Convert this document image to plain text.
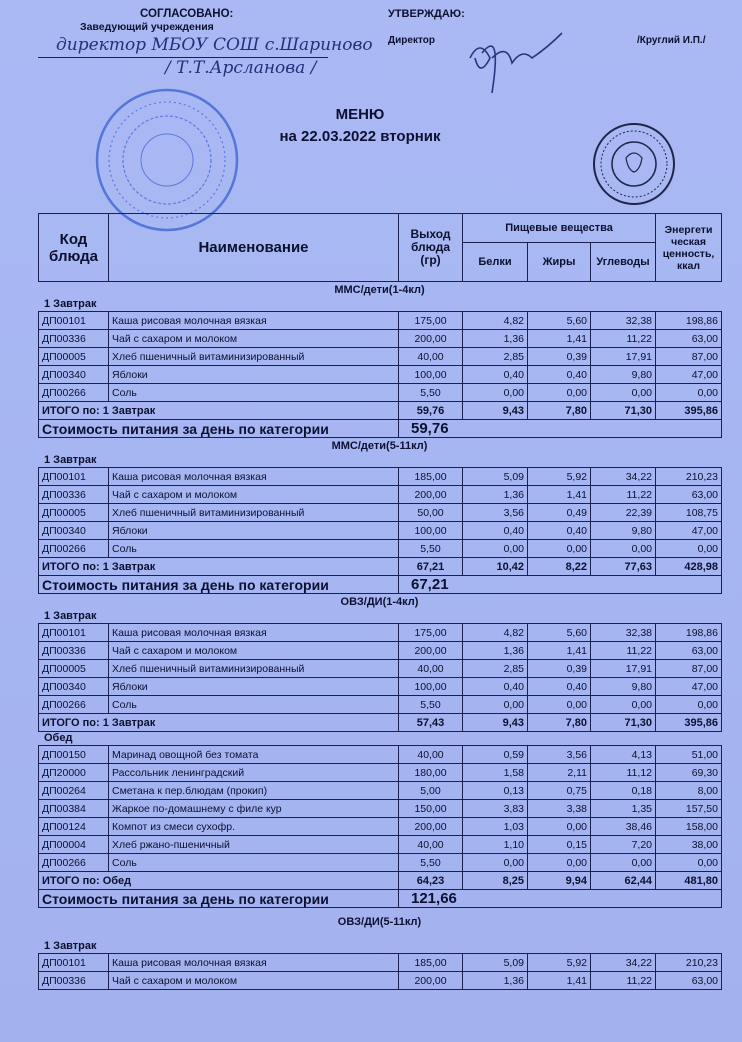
СОГЛАСОВАНО:
Заведующий учреждения
директор МБОУ СОШ с.Шариново
/ Т.Т.Арсланова /
УТВЕРЖДАЮ:
Директор	/Круглий И.П./
МЕНЮ
на 22.03.2022 вторник
Код блюда	Наименование	Выход блюда (гр)	Пищевые вещества			Энергети ческая ценность, ккал
			Белки	Жиры	Углеводы	
ММС/дети(1-4кл)
1 Завтрак
ДП00101	Каша рисовая молочная вязкая	175,00	4,82	5,60	32,38	198,86
ДП00336	Чай с сахаром и молоком	200,00	1,36	1,41	11,22	63,00
ДП00005	Хлеб пшеничный витаминизированный	40,00	2,85	0,39	17,91	87,00
ДП00340	Яблоки	100,00	0,40	0,40	9,80	47,00
ДП00266	Соль	5,50	0,00	0,00	0,00	0,00
ИТОГО по: 1 Завтрак		59,76	9,43	7,80	71,30	395,86
Стоимость питания за день по категории		59,76				
ММС/дети(5-11кл)
1 Завтрак
ДП00101	Каша рисовая молочная вязкая	185,00	5,09	5,92	34,22	210,23
ДП00336	Чай с сахаром и молоком	200,00	1,36	1,41	11,22	63,00
ДП00005	Хлеб пшеничный витаминизированный	50,00	3,56	0,49	22,39	108,75
ДП00340	Яблоки	100,00	0,40	0,40	9,80	47,00
ДП00266	Соль	5,50	0,00	0,00	0,00	0,00
ИТОГО по: 1 Завтрак		67,21	10,42	8,22	77,63	428,98
Стоимость питания за день по категории		67,21				
ОВЗ/ДИ(1-4кл)
1 Завтрак
ДП00101	Каша рисовая молочная вязкая	175,00	4,82	5,60	32,38	198,86
ДП00336	Чай с сахаром и молоком	200,00	1,36	1,41	11,22	63,00
ДП00005	Хлеб пшеничный витаминизированный	40,00	2,85	0,39	17,91	87,00
ДП00340	Яблоки	100,00	0,40	0,40	9,80	47,00
ДП00266	Соль	5,50	0,00	0,00	0,00	0,00
ИТОГО по: 1 Завтрак		57,43	9,43	7,80	71,30	395,86
Обед
ДП00150	Маринад овощной без томата	40,00	0,59	3,56	4,13	51,00
ДП20000	Рассольник ленинградский	180,00	1,58	2,11	11,12	69,30
ДП00264	Сметана к пер.блюдам (прокип)	5,00	0,13	0,75	0,18	8,00
ДП00384	Жаркое по-домашнему с филе кур	150,00	3,83	3,38	1,35	157,50
ДП00124	Компот из смеси сухофр.	200,00	1,03	0,00	38,46	158,00
ДП00004	Хлеб ржано-пшеничный	40,00	1,10	0,15	7,20	38,00
ДП00266	Соль	5,50	0,00	0,00	0,00	0,00
ИТОГО по: Обед		64,23	8,25	9,94	62,44	481,80
Стоимость питания за день по категории		121,66				
ОВЗ/ДИ(5-11кл)
1 Завтрак
ДП00101	Каша рисовая молочная вязкая	185,00	5,09	5,92	34,22	210,23
ДП00336	Чай с сахаром и молоком	200,00	1,36	1,41	11,22	63,00
